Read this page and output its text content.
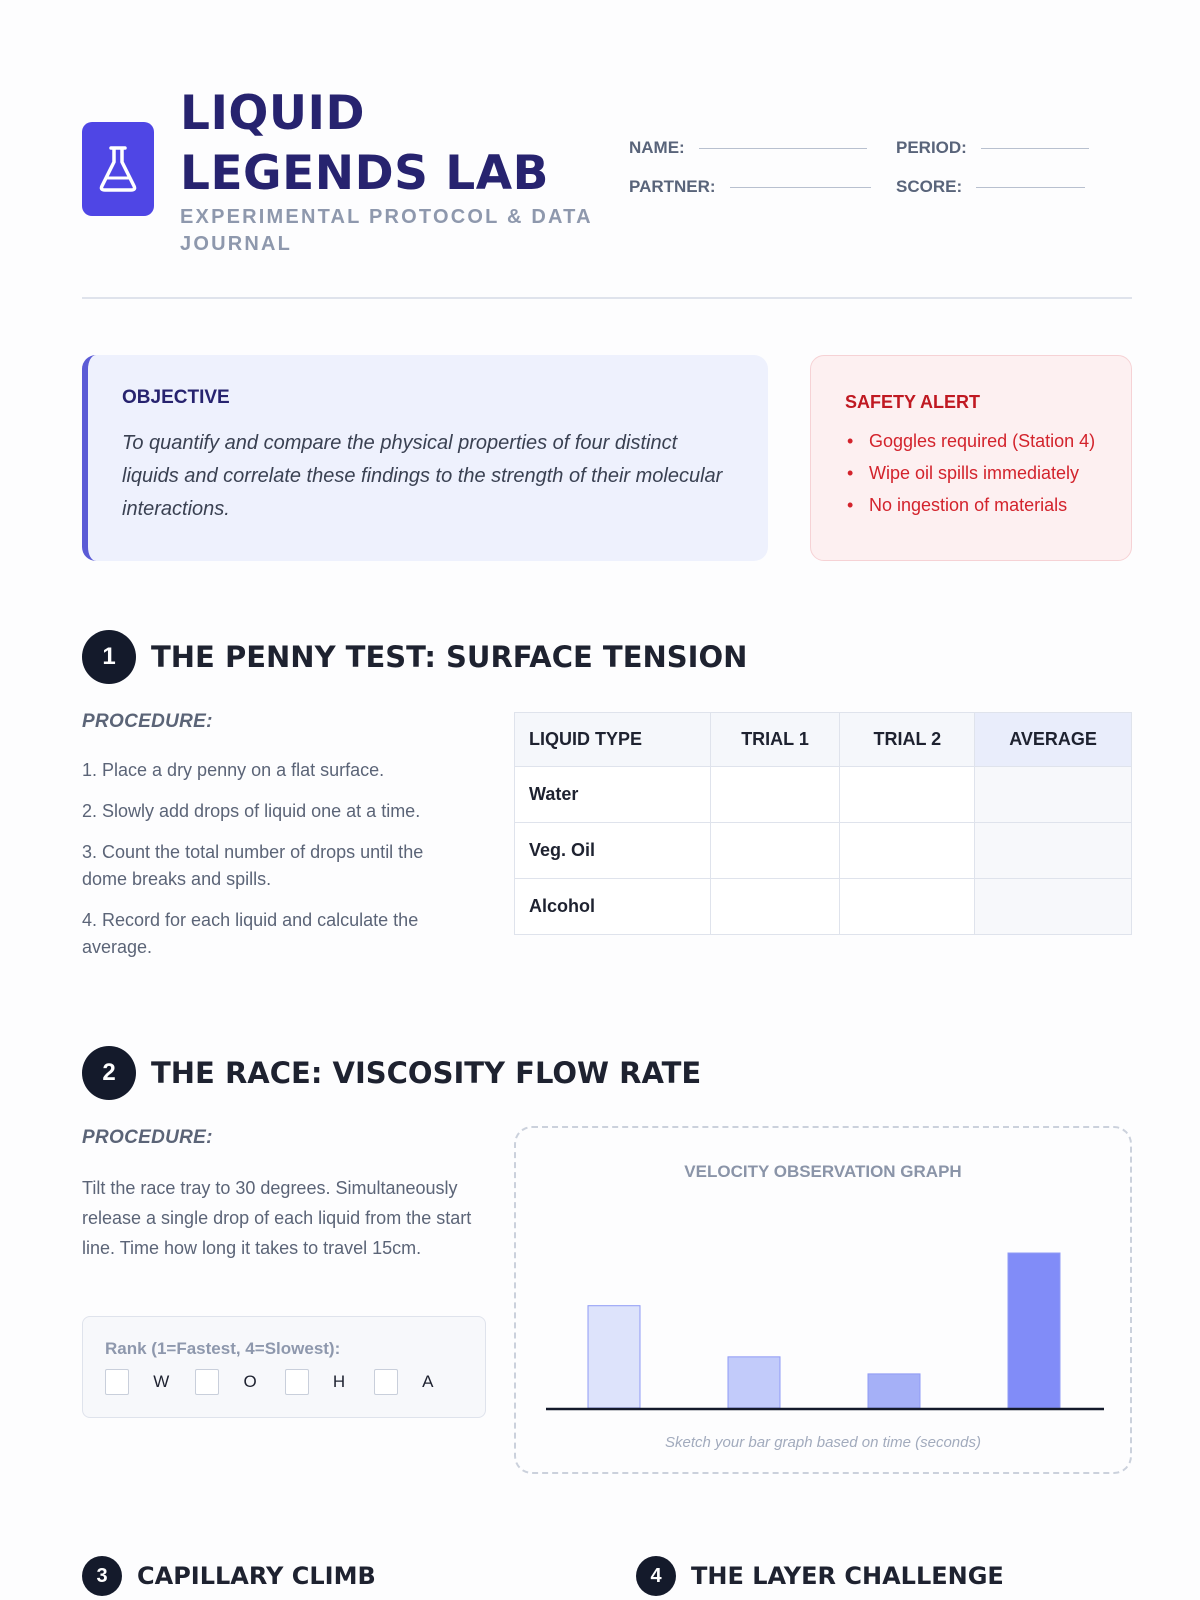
LIQUID LEGENDS LAB
EXPERIMENTAL PROTOCOL & DATA JOURNAL
NAME:	PERIOD:
PARTNER:	SCORE:
OBJECTIVE

To quantify and compare the physical properties of four distinct liquids and correlate these findings to the strength of their molecular interactions.

SAFETY ALERT
• Goggles required (Station 4)
• Wipe oil spills immediately
• No ingestion of materials
1	THE PENNY TEST: SURFACE TENSION
PROCEDURE:
1. Place a dry penny on a flat surface.
2. Slowly add drops of liquid one at a time.
3. Count the total number of drops until the dome breaks and spills.
4. Record for each liquid and calculate the average.
LIQUID TYPE	TRIAL 1	TRIAL 2	AVERAGE
Water			
Veg. Oil			
Alcohol			
2	THE RACE: VISCOSITY FLOW RATE
PROCEDURE:
Tilt the race tray to 30 degrees. Simultaneously release a single drop of each liquid from the start line. Time how long it takes to travel 15cm.
Rank (1=Fastest, 4=Slowest):
W	O	H	A
VELOCITY OBSERVATION GRAPH
Sketch your bar graph based on time (seconds)
3	CAPILLARY CLIMB	4	THE LAYER CHALLENGE
